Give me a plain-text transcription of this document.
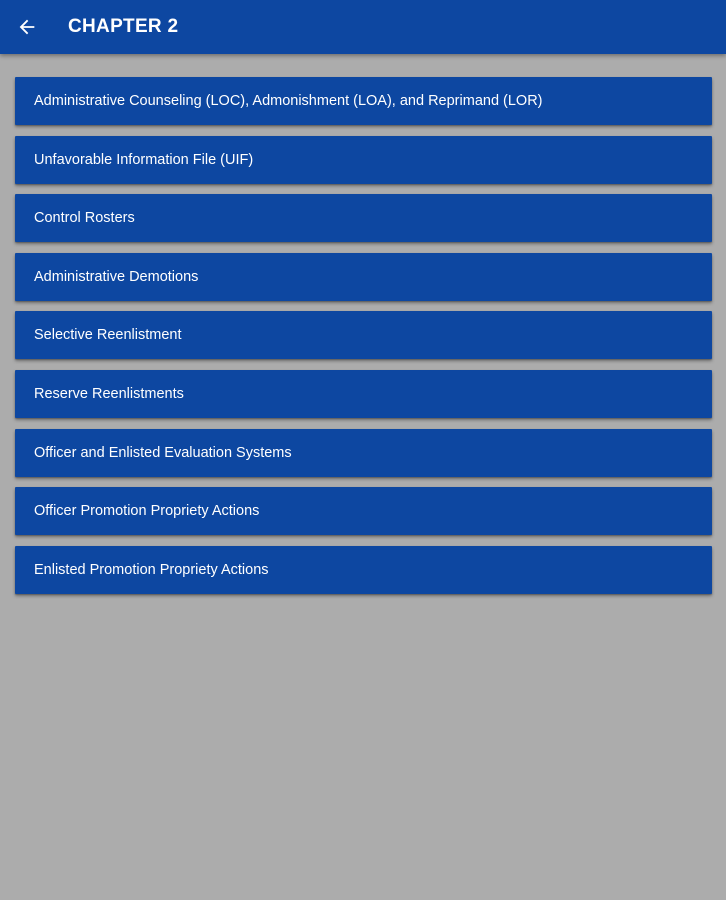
CHAPTER 2
Administrative Counseling (LOC), Admonishment (LOA), and Reprimand (LOR)
Unfavorable Information File (UIF)
Control Rosters
Administrative Demotions
Selective Reenlistment
Reserve Reenlistments
Officer and Enlisted Evaluation Systems
Officer Promotion Propriety Actions
Enlisted Promotion Propriety Actions
